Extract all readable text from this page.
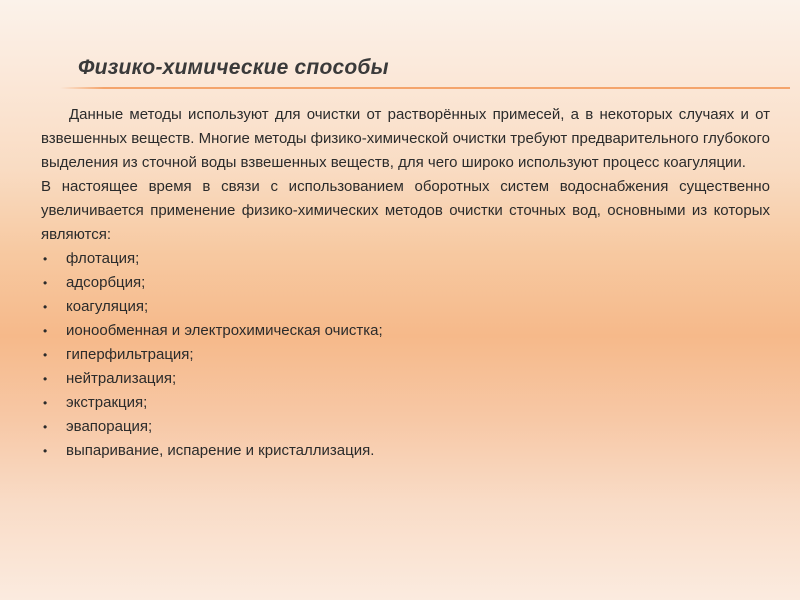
Физико-химические способы

Данные методы используют для очистки от растворённых примесей, а в некоторых случаях и от взвешенных веществ. Многие методы физико-химической очистки требуют предварительного глубокого выделения из сточной воды взвешенных веществ, для чего широко используют процесс коагуляции.

В настоящее время в связи с использованием оборотных систем водоснабжения существенно увеличивается применение физико-химических методов очистки сточных вод, основными из которых являются:

• флотация;
• адсорбция;
• коагуляция;
• ионообменная и электрохимическая очистка;
• гиперфильтрация;
• нейтрализация;
• экстракция;
• эвапорация;
• выпаривание, испарение и кристаллизация.
